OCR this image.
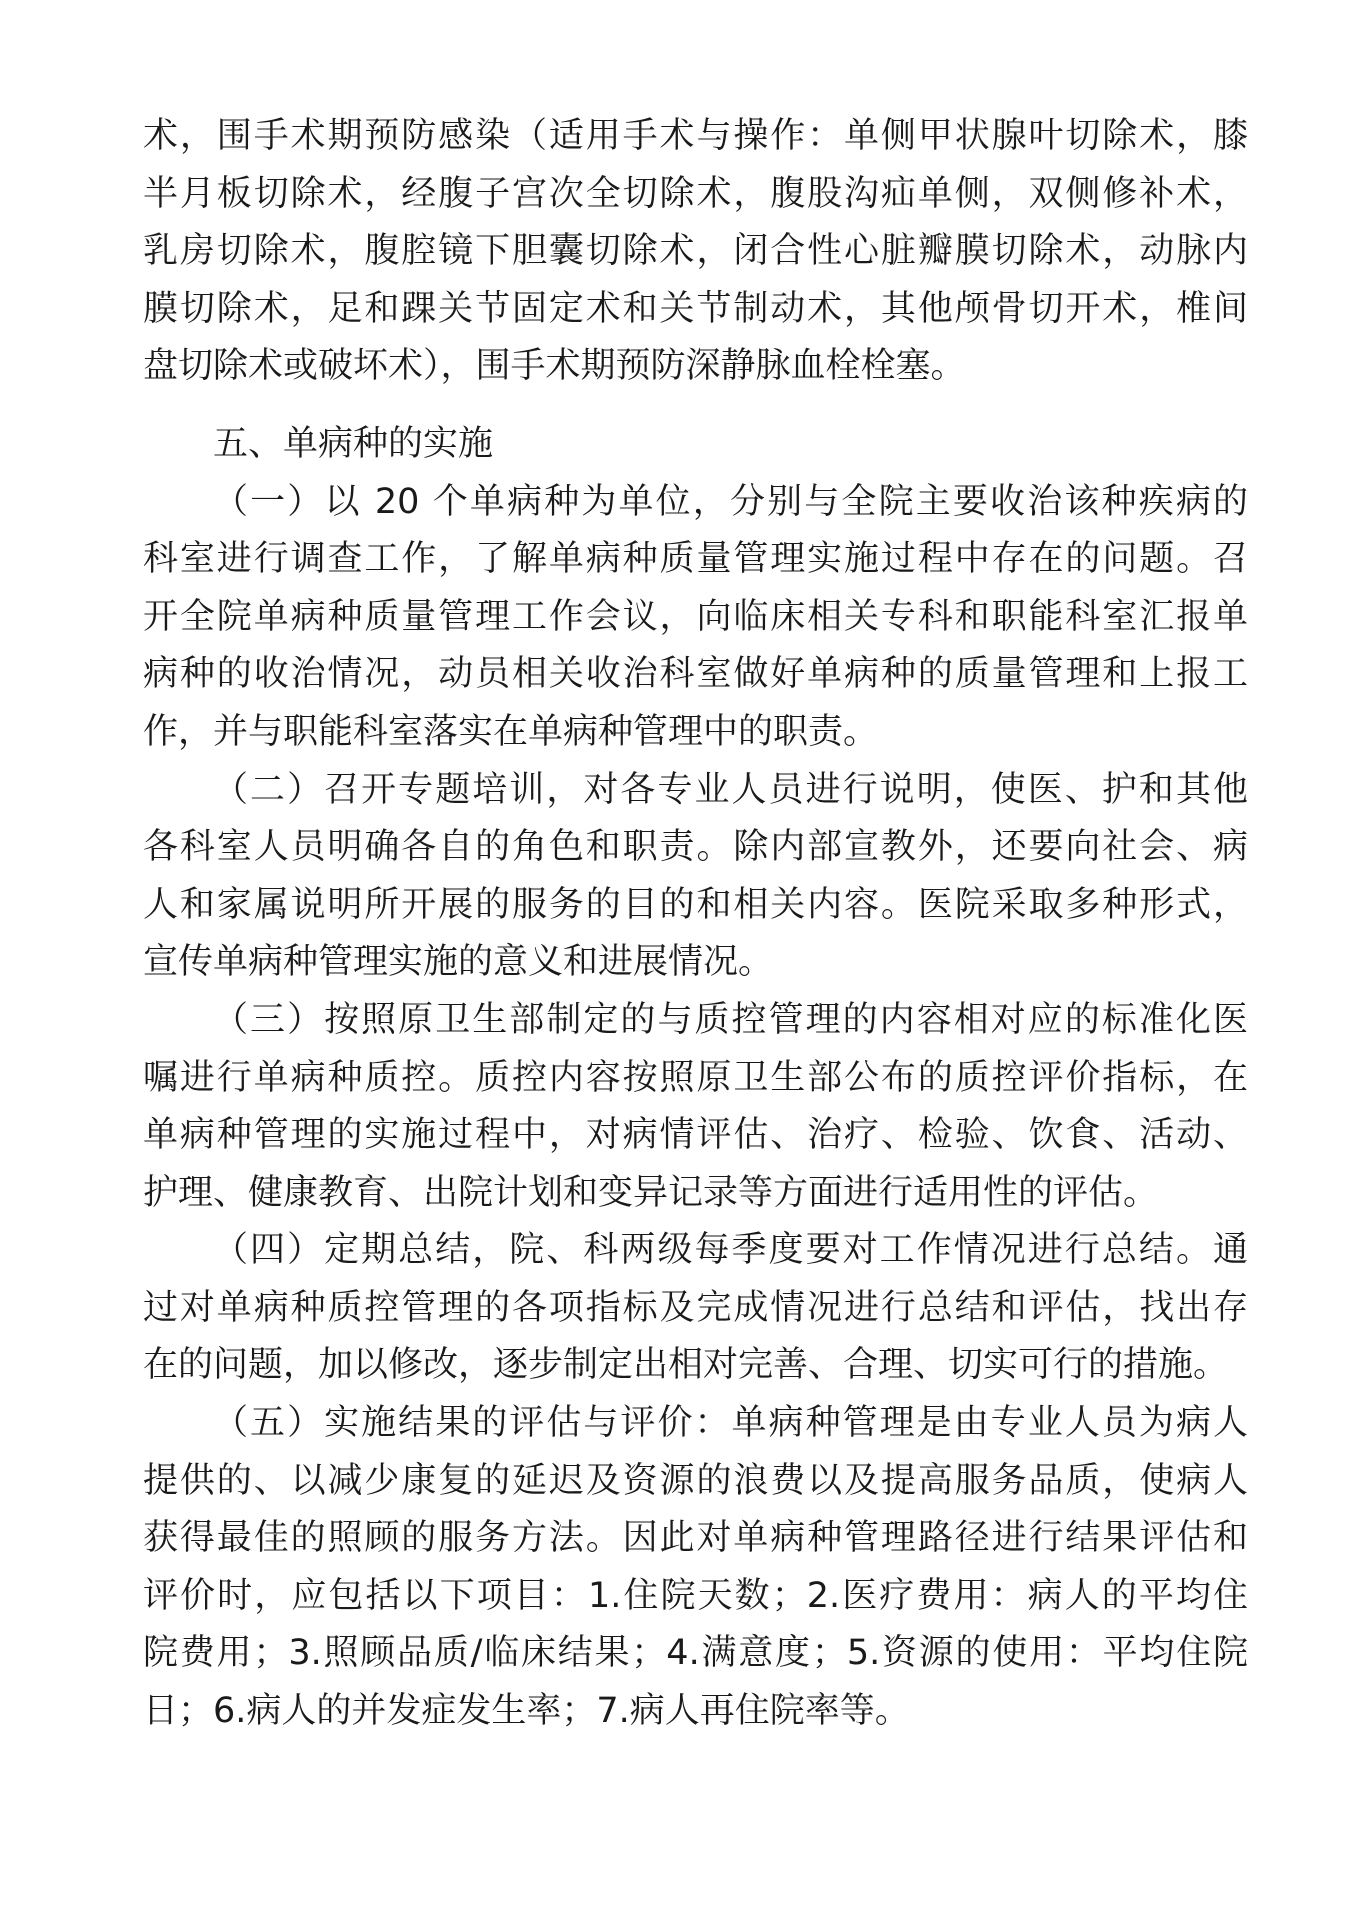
术，围手术期预防感染（适用手术与操作：单侧甲状腺叶切除术，膝
半月板切除术，经腹子宫次全切除术，腹股沟疝单侧，双侧修补术，
乳房切除术，腹腔镜下胆囊切除术，闭合性心脏瓣膜切除术，动脉内
膜切除术，足和踝关节固定术和关节制动术，其他颅骨切开术，椎间
盘切除术或破坏术），围手术期预防深静脉血栓栓塞。
五、单病种的实施
（一）以 20 个单病种为单位，分别与全院主要收治该种疾病的
科室进行调查工作，了解单病种质量管理实施过程中存在的问题。召
开全院单病种质量管理工作会议，向临床相关专科和职能科室汇报单
病种的收治情况，动员相关收治科室做好单病种的质量管理和上报工
作，并与职能科室落实在单病种管理中的职责。
（二）召开专题培训，对各专业人员进行说明，使医、护和其他
各科室人员明确各自的角色和职责。除内部宣教外，还要向社会、病
人和家属说明所开展的服务的目的和相关内容。医院采取多种形式，
宣传单病种管理实施的意义和进展情况。
（三）按照原卫生部制定的与质控管理的内容相对应的标准化医
嘱进行单病种质控。质控内容按照原卫生部公布的质控评价指标，在
单病种管理的实施过程中，对病情评估、治疗、检验、饮食、活动、
护理、健康教育、出院计划和变异记录等方面进行适用性的评估。
（四）定期总结，院、科两级每季度要对工作情况进行总结。通
过对单病种质控管理的各项指标及完成情况进行总结和评估，找出存
在的问题，加以修改，逐步制定出相对完善、合理、切实可行的措施。
（五）实施结果的评估与评价：单病种管理是由专业人员为病人
提供的、以减少康复的延迟及资源的浪费以及提高服务品质，使病人
获得最佳的照顾的服务方法。因此对单病种管理路径进行结果评估和
评价时，应包括以下项目：1.住院天数；2.医疗费用：病人的平均住
院费用；3.照顾品质/临床结果；4.满意度；5.资源的使用：平均住院
日；6.病人的并发症发生率；7.病人再住院率等。
